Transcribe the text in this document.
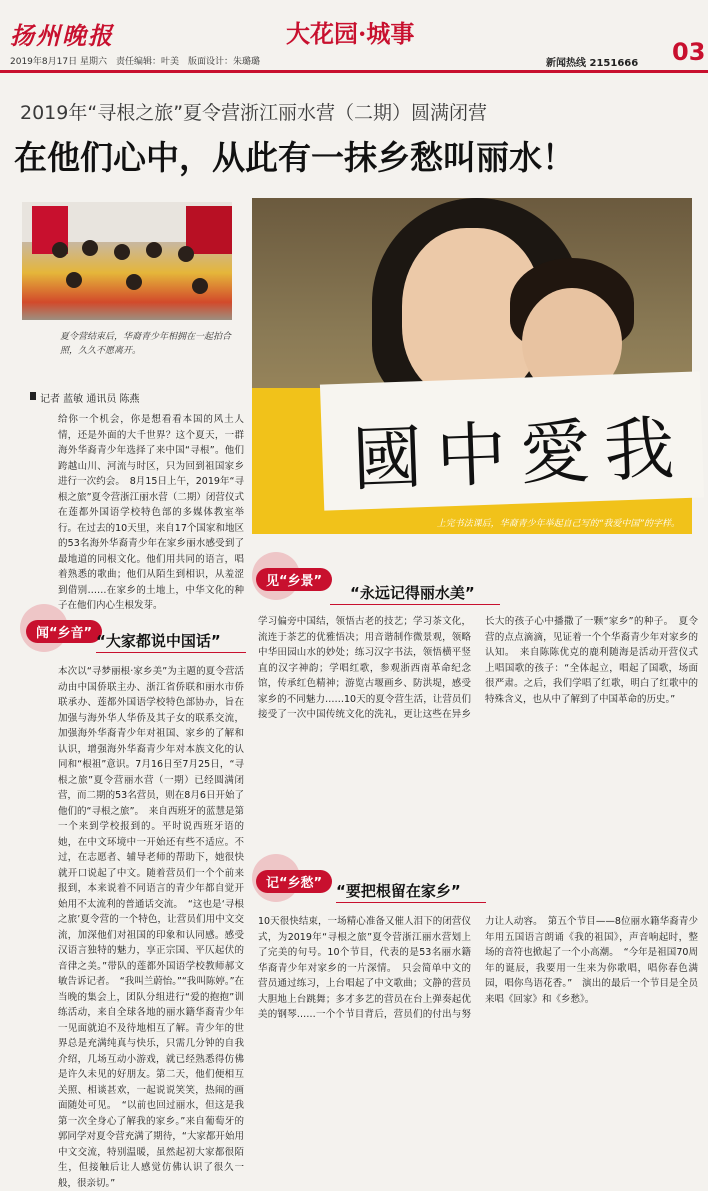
扬州晚报	大花园·城事
03
2019年8月17日 星期六　责任编辑：叶美　版面设计：朱璐璐	新闻热线 2151666
2019年“寻根之旅”夏令营浙江丽水营（二期）圆满闭营
在他们心中，从此有一抹乡愁叫丽水！
夏令营结束后，华裔青少年相拥在一起拍合照，久久不愿离开。
國中愛我
上完书法课后，华裔青少年举起自己写的“我爱中国”的字样。
记者 蓝敏 通讯员 陈燕
给你一个机会，你是想看看本国的风土人情，还是外面的大千世界？这个夏天，一群海外华裔青少年选择了来中国“寻根”。他们跨越山川、河流与时区，只为回到祖国家乡进行一次约会。　8月15日上午，2019年“寻根之旅”夏令营浙江丽水营（二期）闭营仪式在莲都外国语学校特色部的多媒体教室举行。在过去的10天里，来自17个国家和地区的53名海外华裔青少年在家乡丽水感受到了最地道的同根文化。他们用共同的语言，唱着熟悉的歌曲；他们从陌生到相识，从羞涩到借别……在家乡的土地上，中华文化的种子在他们内心生根发芽。
闻“乡音” “大家都说中国话”
本次以“寻梦丽根·家乡美”为主题的夏令营活动由中国侨联主办、浙江省侨联和丽水市侨联承办、莲都外国语学校特色部协办，旨在加强与海外华人华侨及其子女的联系交流，加强海外华裔青少年对祖国、家乡的了解和认识，增强海外华裔青少年对本族文化的认同和“根祖”意识。7月16日至7月25日，“寻根之旅”夏令营丽水营（一期）已经圆满闭营，而二期的53名营员，则在8月6日开始了他们的“寻根之旅”。　来自西班牙的蓝慧是第一个来到学校报到的。平时说西班牙语的她，在中文环境中一开始还有些不适应。不过，在志愿者、辅导老师的帮助下，她很快就开口说起了中文。随着营员们一个个前来报到，本来说着不同语言的青少年都自觉开始用不太流利的普通话交流。　“这也是‘寻根之旅’夏令营的一个特色，让营员们用中文交流，加深他们对祖国的印象和认同感。感受汉语言独特的魅力，享正宗国、平仄起伏的音律之美。”带队的莲都外国语学校教师郝文敏告诉记者。　“我叫兰蔚怡。”“我叫陈婷。”在当晚的集会上，团队分组进行“爱的抱抱”训练活动，来自全球各地的丽水籍华裔青少年一见面就迫不及待地相互了解。青少年的世界总是充满纯真与快乐，只需几分钟的自我介绍，几场互动小游戏，就已经熟悉得仿佛是许久未见的好朋友。第二天，他们便相互关照、相谈甚欢，一起说说笑笑，热闹的画面随处可见。　“以前也回过丽水，但这是我第一次全身心了解我的家乡。”来自葡萄牙的郭同学对夏令营充满了期待，“大家都开始用中文交流，特别温暖，虽然起初大家都很陌生，但接触后让人感觉仿佛认识了很久一般，很亲切。”
见“乡景”
“永远记得丽水美”
学习偏旁中国结，领悟古老的技艺；学习茶文化，流连于茶艺的优雅悟决；用音谐制作微景观，领略中华田园山水的妙处；练习汉字书法，领悟横平竖直的汉字神韵；学唱红歌，参观浙西南革命纪念馆，传承红色精神；游览古堰画乡、防洪堤，感受家乡的不同魅力……10天的夏令营生活，让营员们接受了一次中国传统文化的洗礼，更让这些在异乡长大的孩子心中播撒了一颗“家乡”的种子。　夏令营的点点滴滴，见证着一个个华裔青少年对家乡的认知。　来自陈陈优克的鹿利随海是活动开营仪式上唱国歌的孩子：“全体起立，唱起了国歌，场面很严肃。之后，我们学唱了红歌，明白了红歌中的特殊含义，也从中了解到了中国革命的历史。”
记“乡愁” “要把根留在家乡”
10天很快结束，一场精心准备又催人泪下的闭营仪式，为2019年“寻根之旅”夏令营浙江丽水营划上了完美的句号。10个节目，代表的是53名丽水籍华裔青少年对家乡的一片深情。　只会简单中文的营员通过练习，上台唱起了中文歌曲；文静的营员大胆地上台跳舞；多才多艺的营员在台上弹奏起优美的钢琴……一个个节目背后，营员们的付出与努力让人动容。　第五个节目——8位丽水籍华裔青少年用五国语言朗诵《我的祖国》，声音响起时，整场的音符也掀起了一个小高潮。　“今年是祖国70周年的诞辰，我要用一生来为你歌唱，唱你春色满园，唱你鸟语花香。”　演出的最后一个节目是全员来唱《回家》和《乡愁》。
